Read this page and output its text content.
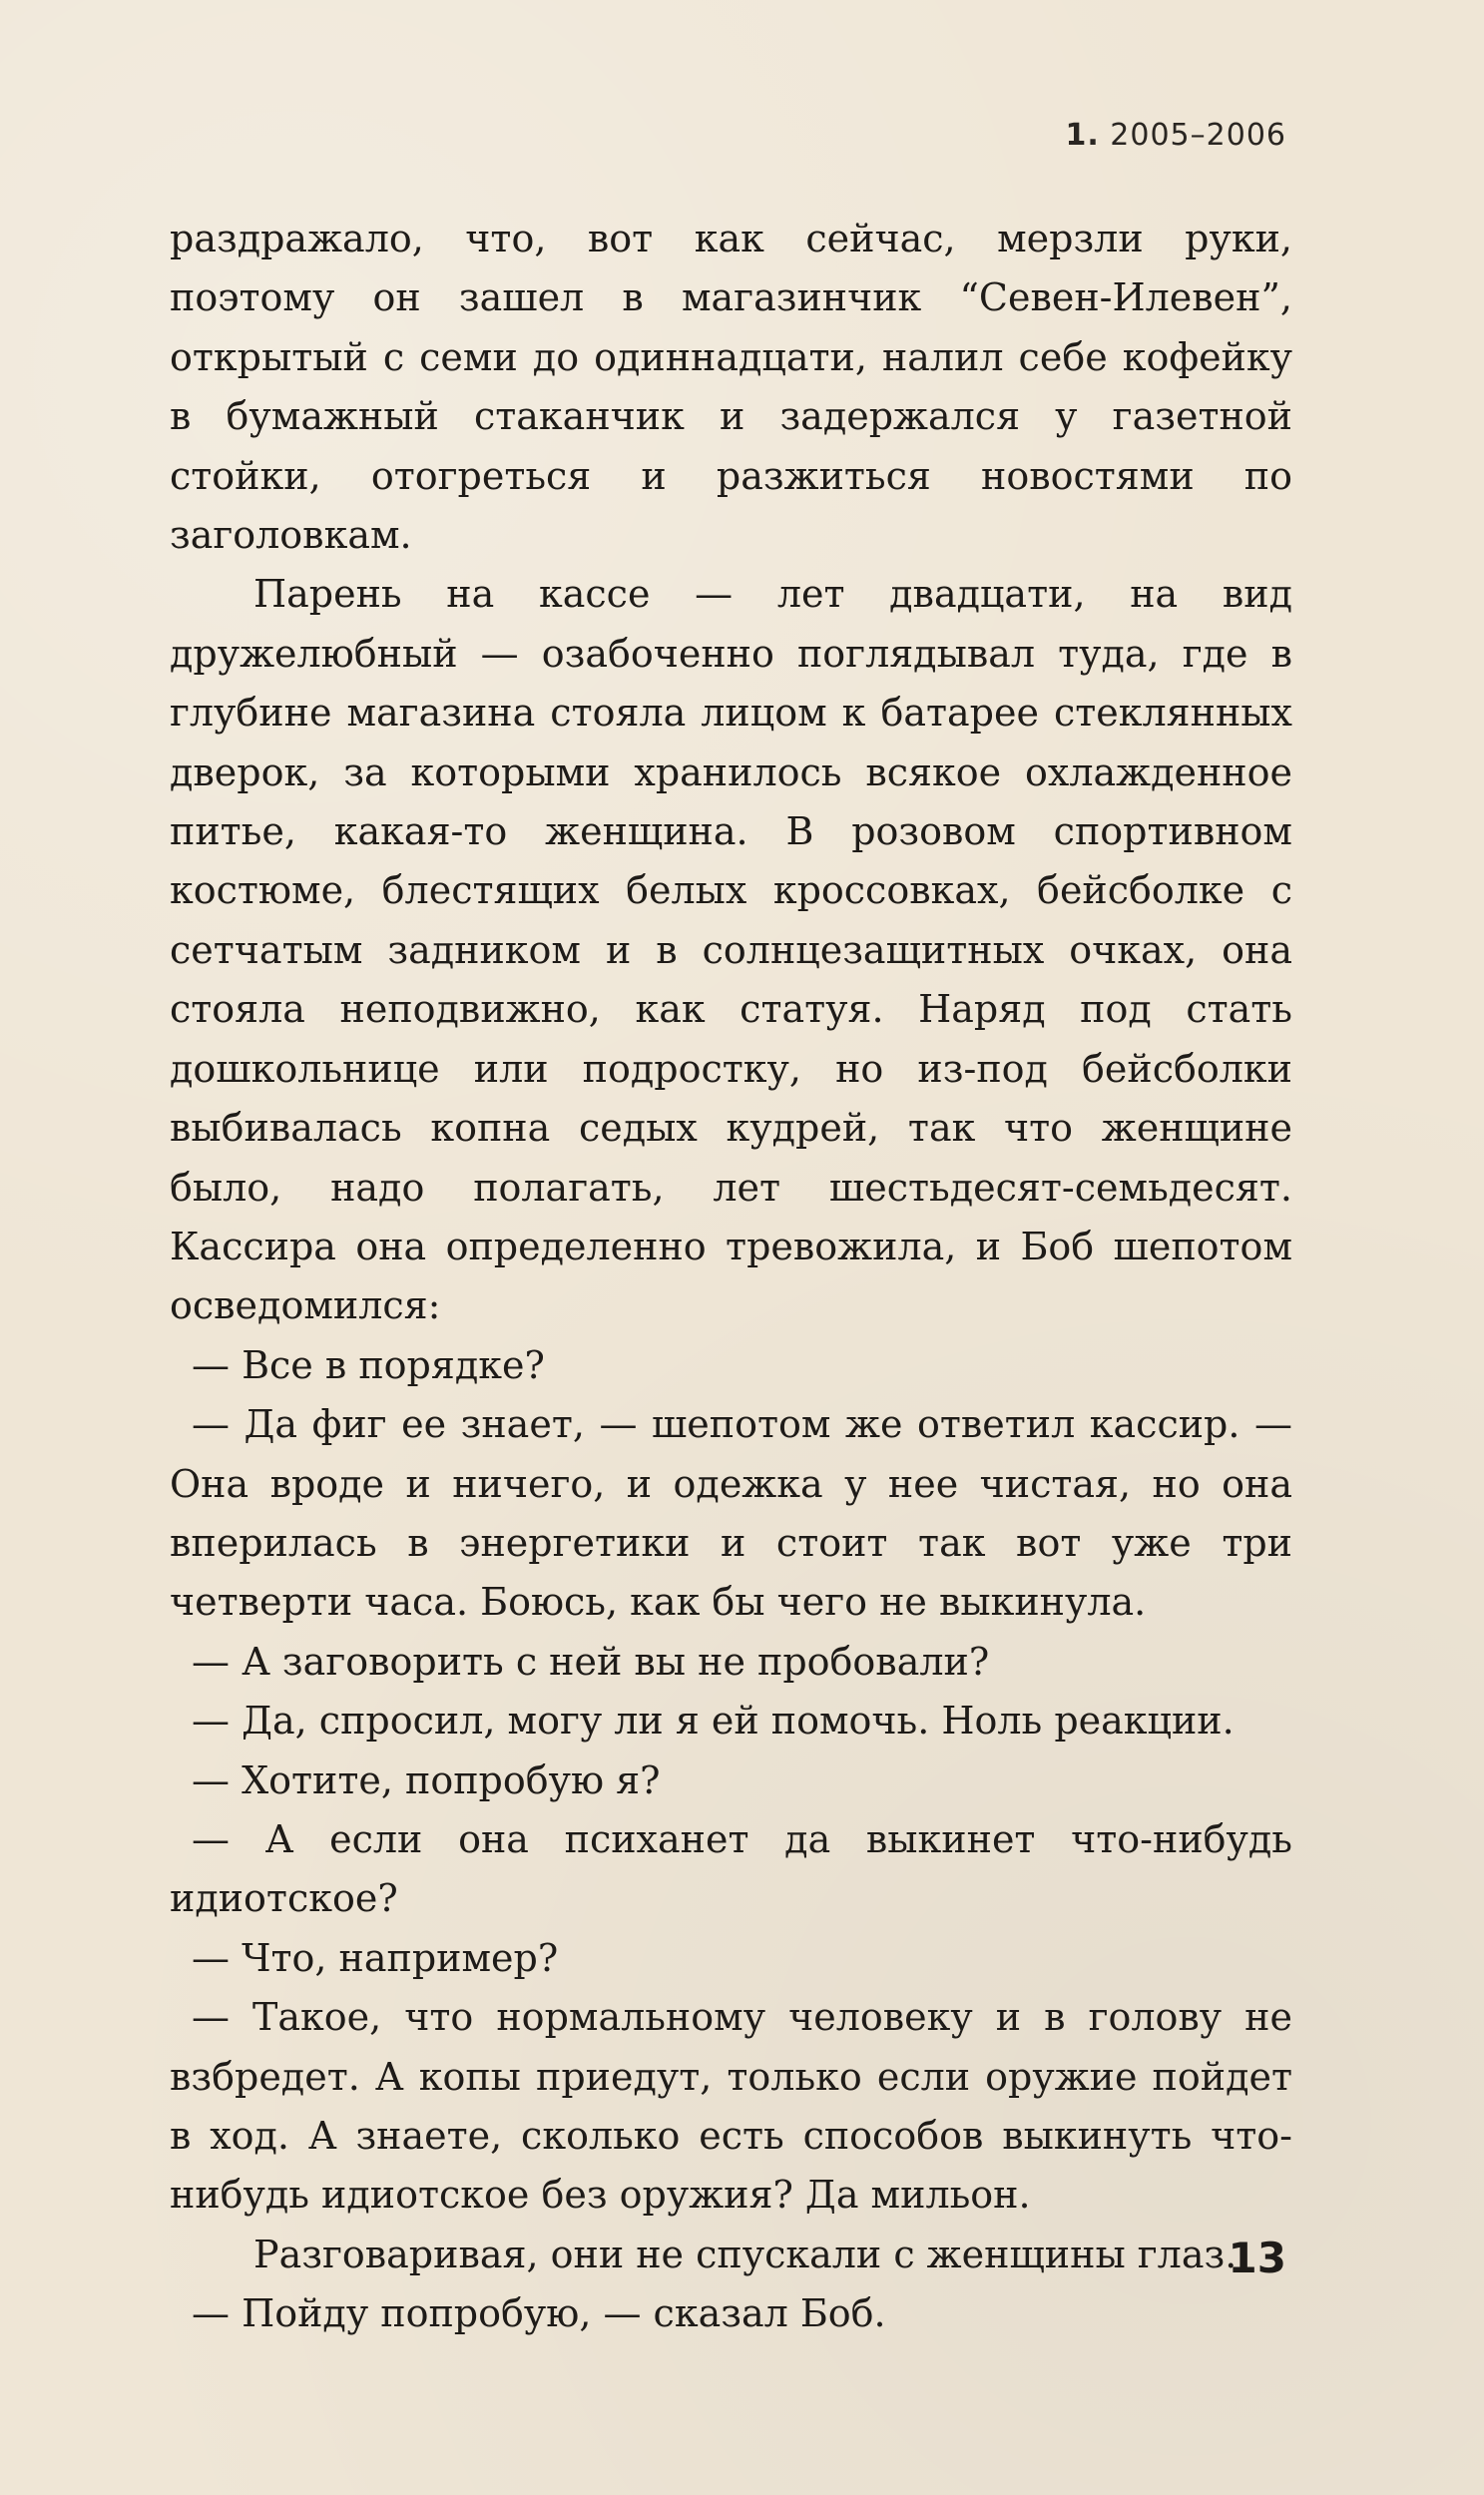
1. 2005–2006

раздражало, что, вот как сейчас, мерзли руки, поэтому он зашел в магазинчик “Севен-Илевен”, открытый с семи до одиннадцати, налил себе кофейку в бумажный стаканчик и задержался у газетной стойки, отогреться и разжиться новостями по заголовкам.

Парень на кассе — лет двадцати, на вид дружелюбный — озабоченно поглядывал туда, где в глубине магазина стояла лицом к батарее стеклянных дверок, за которыми хранилось всякое охлажденное питье, какая-то женщина. В розовом спортивном костюме, блестящих белых кроссовках, бейсболке с сетчатым задником и в солнцезащитных очках, она стояла неподвижно, как статуя. Наряд под стать дошкольнице или подростку, но из-под бейсболки выбивалась копна седых кудрей, так что женщине было, надо полагать, лет шестьдесят-семьдесят. Кассира она определенно тревожила, и Боб шепотом осведомился:

— Все в порядке?

— Да фиг ее знает, — шепотом же ответил кассир. — Она вроде и ничего, и одежка у нее чистая, но она вперилась в энергетики и стоит так вот уже три четверти часа. Боюсь, как бы чего не выкинула.

— А заговорить с ней вы не пробовали?

— Да, спросил, могу ли я ей помочь. Ноль реакции.

— Хотите, попробую я?

— А если она психанет да выкинет что-нибудь идиотское?

— Что, например?

— Такое, что нормальному человеку и в голову не взбредет. А копы приедут, только если оружие пойдет в ход. А знаете, сколько есть способов выкинуть что-нибудь идиотское без оружия? Да мильон.

Разговаривая, они не спускали с женщины глаз.

— Пойду попробую, — сказал Боб.

13
